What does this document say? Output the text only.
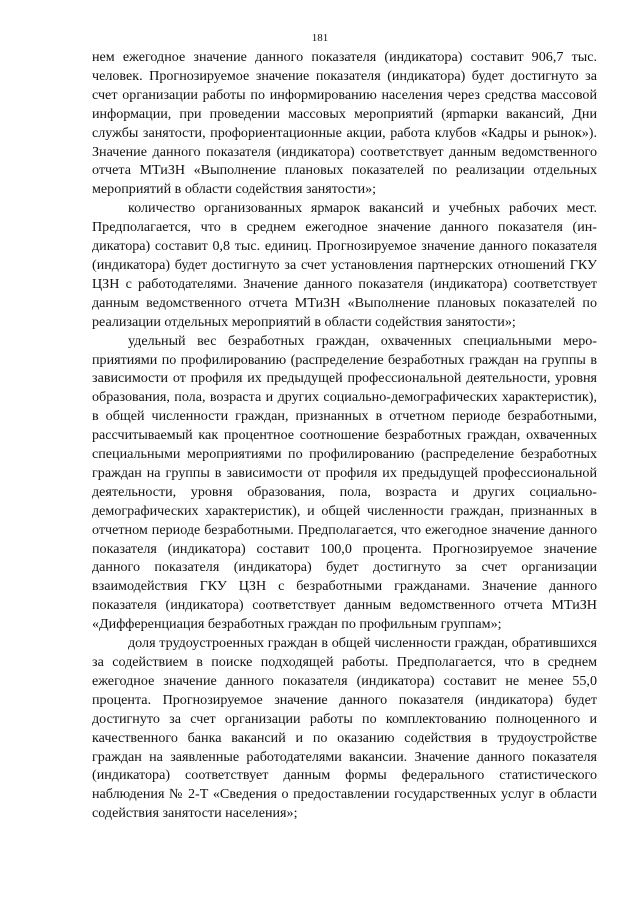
181

нем ежегодное значение данного показателя (индикатора) составит 906,7 тыс. человек. Прогнозируемое значение показателя (индикатора) будет достигнуто за счет организации работы по информированию населения через средства массовой информации, при проведении массовых мероприятий (ярmарки вакансий, Дни службы занятости, профориентационные акции, работа клубов «Кадры и рынок»). Значение данного показателя (индикатора) соответствует данным ведомственного отчета МТиЗН «Выполнение плановых показателей по реализации отдельных мероприятий в области содействия занятости»;

количество организованных ярмарок вакансий и учебных рабочих мест. Предполагается, что в среднем ежегодное значение данного показателя (индикатора) составит 0,8 тыс. единиц. Прогнозируемое значение данного показателя (индикатора) будет достигнуто за счет установления партнерских отношений ГКУ ЦЗН с работодателями. Значение данного показателя (индикатора) соответствует данным ведомственного отчета МТиЗН «Выполнение плановых показателей по реализации отдельных мероприятий в области содействия занятости»;

удельный вес безработных граждан, охваченных специальными мероприятиями по профилированию (распределение безработных граждан на группы в зависимости от профиля их предыдущей профессиональной деятельности, уровня образования, пола, возраста и других социально-демографических характеристик), в общей численности граждан, признанных в отчетном периоде безработными, рассчитываемый как процентное соотношение безработных граждан, охваченных специальными мероприятиями по профилированию (распределение безработных граждан на группы в зависимости от профиля их предыдущей профессиональной деятельности, уровня образования, пола, возраста и других социально-демографических характеристик), и общей численности граждан, признанных в отчетном периоде безработными. Предполагается, что ежегодное значение данного показателя (индикатора) составит 100,0 процента. Прогнозируемое значение данного показателя (индикатора) будет достигнуто за счет организации взаимодействия ГКУ ЦЗН с безработными гражданами. Значение данного показателя (индикатора) соответствует данным ведомственного отчета МТиЗН «Дифференциация безработных граждан по профильным группам»;

доля трудоустроенных граждан в общей численности граждан, обратившихся за содействием в поиске подходящей работы. Предполагается, что в среднем ежегодное значение данного показателя (индикатора) составит не менее 55,0 процента. Прогнозируемое значение данного показателя (индикатора) будет достигнуто за счет организации работы по комплектованию полноценного и качественного банка вакансий и по оказанию содействия в трудоустройстве граждан на заявленные работодателями вакансии. Значение данного показателя (индикатора) соответствует данным формы федерального статистического наблюдения № 2-Т «Сведения о предоставлении государственных услуг в области содействия занятости населения»;
